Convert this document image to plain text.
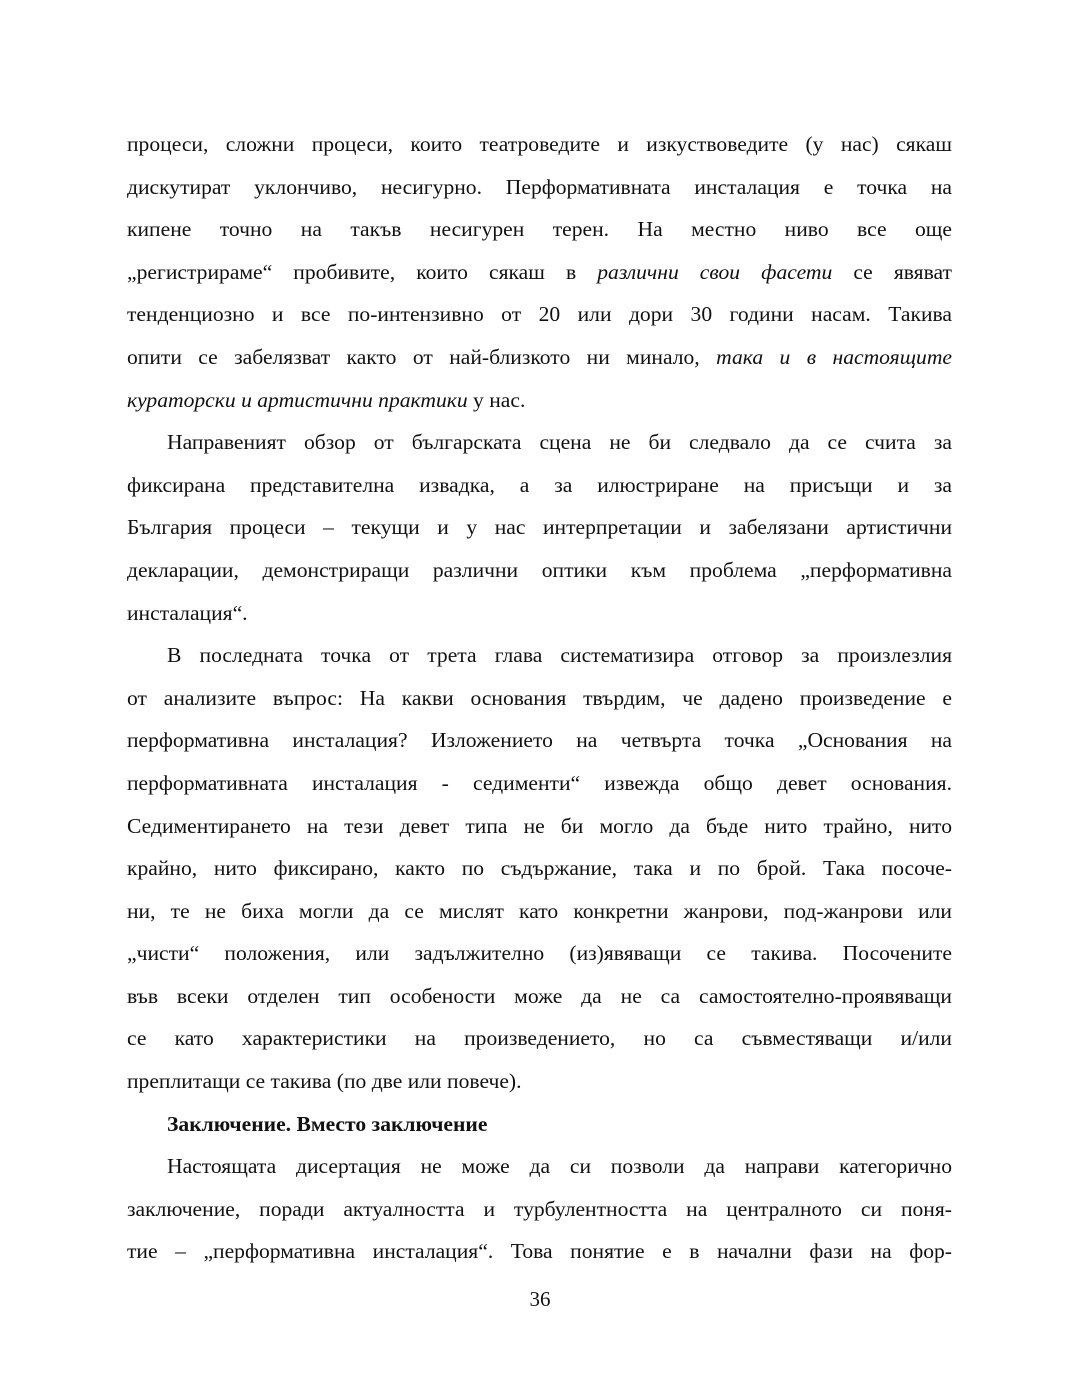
процеси, сложни процеси, които театроведите и изкуствоведите (у нас) сякаш
дискутират уклончиво, несигурно. Перформативната инсталация е точка на
кипене точно на такъв несигурен терен. На местно ниво все още
„регистрираме“ пробивите, които сякаш в различни свои фасети се явяват
тенденциозно и все по-интензивно от 20 или дори 30 години насам. Такива
опити се забелязват както от най-близкото ни минало, така и в настоящите
кураторски и артистични практики у нас.
Направеният обзор от българската сцена не би следвало да се счита за
фиксирана представителна извадка, а за илюстриране на присъщи и за
България процеси – текущи и у нас интерпретации и забелязани артистични
декларации, демонстриращи различни оптики към проблема „перформативна
инсталация“.
В последната точка от трета глава систематизира отговор за произлезлия
от анализите въпрос: На какви основания твърдим, че дадено произведение е
перформативна инсталация? Изложението на четвърта точка „Основания на
перформативната инсталация - седименти“ извежда общо девет основания.
Седиментирането на тези девет типа не би могло да бъде нито трайно, нито
крайно, нито фиксирано, както по съдържание, така и по брой. Така посоче-
ни, те не биха могли да се мислят като конкретни жанрови, под-жанрови или
„чисти“ положения, или задължително (из)явяващи се такива. Посочените
във всеки отделен тип особености може да не са самостоятелно-проявяващи
се като характеристики на произведението, но са съвместяващи и/или
преплитащи се такива (по две или повече).
Заключение. Вместо заключение
Настоящата дисертация не може да си позволи да направи категорично
заключение, поради актуалността и турбулентността на централното си поня-
тие – „перформативна инсталация“. Това понятие е в начални фази на фор-
36
